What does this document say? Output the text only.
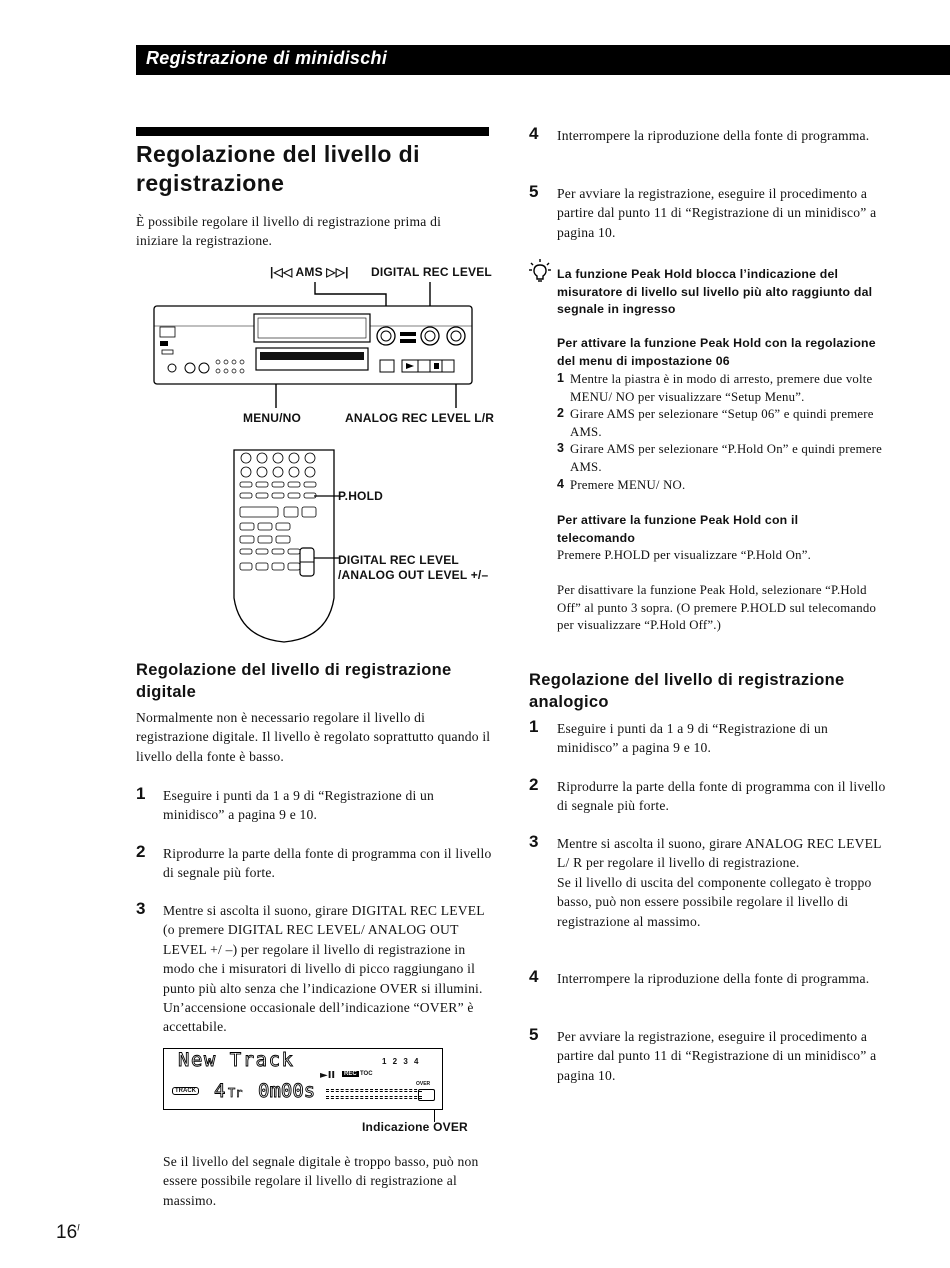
Registrazione di minidischi
Regolazione del livello di registrazione
È possibile regolare il livello di registrazione prima di iniziare la registrazione.
|◁◁ AMS ▷▷|	DIGITAL REC LEVEL
MENU/NO	ANALOG REC LEVEL L/R
P.HOLD
DIGITAL REC LEVEL
/ANALOG OUT LEVEL +/–
Regolazione del livello di registrazione digitale
Normalmente non è necessario regolare il livello di registrazione digitale. Il livello è regolato soprattutto quando il livello della fonte è basso.
1 Eseguire i punti da 1 a 9 di “Registrazione di un minidisco” a pagina 9 e 10.
2 Riprodurre la parte della fonte di programma con il livello di segnale più forte.
3 Mentre si ascolta il suono, girare DIGITAL REC LEVEL (o premere DIGITAL REC LEVEL/ ANALOG OUT LEVEL +/ –) per regolare il livello di registrazione in modo che i misuratori di livello di picco raggiungano il punto più alto senza che l’indicazione OVER si illumini. Un’accensione occasionale dell’indicazione “OVER” è accettabile.
New Track	1 2 3 4
TRACK 4 Tr 0m00s
►II	REC TOC
OVER
Indicazione OVER
Se il livello del segnale digitale è troppo basso, può non essere possibile regolare il livello di registrazione al massimo.
4 Interrompere la riproduzione della fonte di programma.
5 Per avviare la registrazione, eseguire il procedimento a partire dal punto 11 di “Registrazione di un minidisco” a pagina 10.
La funzione Peak Hold blocca l’indicazione del misuratore di livello sul livello più alto raggiunto dal segnale in ingresso
Per attivare la funzione Peak Hold con la regolazione del menu di impostazione 06
1 Mentre la piastra è in modo di arresto, premere due volte MENU/ NO per visualizzare “Setup Menu”.
2 Girare AMS per selezionare “Setup 06” e quindi premere AMS.
3 Girare AMS per selezionare “P.Hold On” e quindi premere AMS.
4 Premere MENU/ NO.
Per attivare la funzione Peak Hold con il telecomando
Premere P.HOLD per visualizzare “P.Hold On”.
Per disattivare la funzione Peak Hold, selezionare “P.Hold Off” al punto 3 sopra. (O premere P.HOLD sul telecomando per visualizzare “P.Hold Off”.)
Regolazione del livello di registrazione analogico
1 Eseguire i punti da 1 a 9 di “Registrazione di un minidisco” a pagina 9 e 10.
2 Riprodurre la parte della fonte di programma con il livello di segnale più forte.
3 Mentre si ascolta il suono, girare ANALOG REC LEVEL L/ R per regolare il livello di registrazione.
Se il livello di uscita del componente collegato è troppo basso, può non essere possibile regolare il livello di registrazione al massimo.
4 Interrompere la riproduzione della fonte di programma.
5 Per avviare la registrazione, eseguire il procedimento a partire dal punto 11 di “Registrazione di un minidisco” a pagina 10.
$16^I$
